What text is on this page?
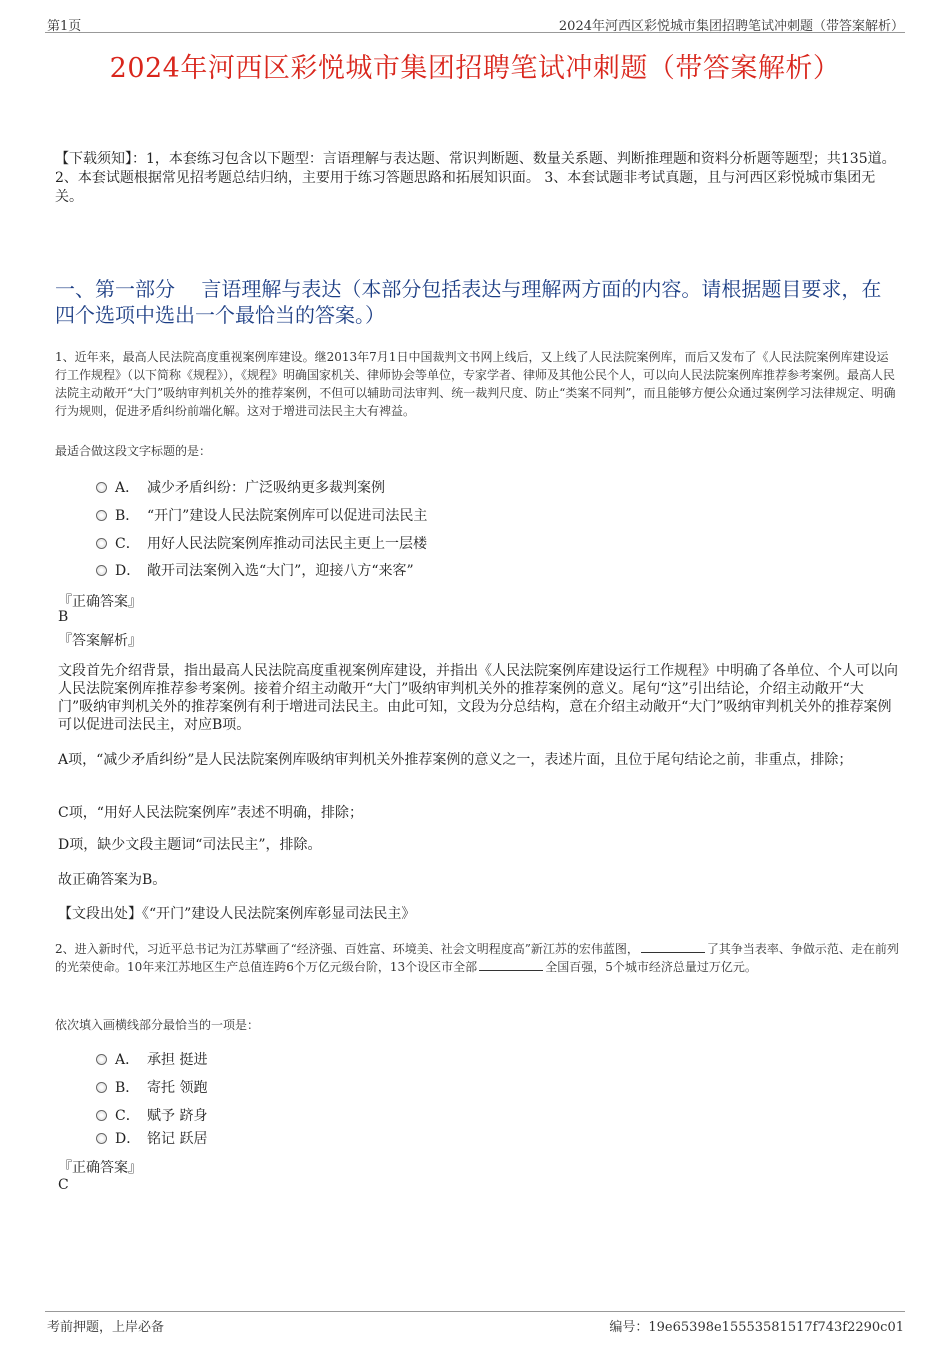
第1页	2024年河西区彩悦城市集团招聘笔试冲刺题（带答案解析）
2024年河西区彩悦城市集团招聘笔试冲刺题（带答案解析）
【下载须知】：1，本套练习包含以下题型：言语理解与表达题、常识判断题、数量关系题、判断推理题和资料分析题等题型；共135道。 2、本套试题根据常见招考题总结归纳，主要用于练习答题思路和拓展知识面。 3、本套试题非考试真题，且与河西区彩悦城市集团无关。
一、第一部分　 言语理解与表达（本部分包括表达与理解两方面的内容。请根据题目要求，在四个选项中选出一个最恰当的答案。）
1、近年来，最高人民法院高度重视案例库建设。继2013年7月1日中国裁判文书网上线后，又上线了人民法院案例库，而后又发布了《人民法院案例库建设运行工作规程》（以下简称《规程》），《规程》明确国家机关、律师协会等单位，专家学者、律师及其他公民个人，可以向人民法院案例库推荐参考案例。最高人民法院主动敞开“大门”吸纳审判机关外的推荐案例，不但可以辅助司法审判、统一裁判尺度、防止“类案不同判”，而且能够方便公众通过案例学习法律规定、明确行为规则，促进矛盾纠纷前端化解。这对于增进司法民主大有裨益。
最适合做这段文字标题的是：
A． 减少矛盾纠纷：广泛吸纳更多裁判案例
B． “开门”建设人民法院案例库可以促进司法民主
C． 用好人民法院案例库推动司法民主更上一层楼
D． 敞开司法案例入选“大门”，迎接八方“来客”
『正确答案』
B
『答案解析』
文段首先介绍背景，指出最高人民法院高度重视案例库建设，并指出《人民法院案例库建设运行工作规程》中明确了各单位、个人可以向人民法院案例库推荐参考案例。接着介绍主动敞开“大门”吸纳审判机关外的推荐案例的意义。尾句“这”引出结论，介绍主动敞开“大门”吸纳审判机关外的推荐案例有利于增进司法民主。由此可知，文段为分总结构，意在介绍主动敞开“大门”吸纳审判机关外的推荐案例可以促进司法民主，对应B项。
A项，“减少矛盾纠纷”是人民法院案例库吸纳审判机关外推荐案例的意义之一，表述片面，且位于尾句结论之前，非重点，排除；
C项，“用好人民法院案例库”表述不明确，排除；
D项，缺少文段主题词“司法民主”，排除。
故正确答案为B。
【文段出处】《“开门”建设人民法院案例库彰显司法民主》
2、进入新时代，习近平总书记为江苏擘画了“经济强、百姓富、环境美、社会文明程度高”新江苏的宏伟蓝图，	了其争当表率、争做示范、走在前列的光荣使命。10年来江苏地区生产总值连跨6个万亿元级台阶，13个设区市全部	全国百强，5个城市经济总量过万亿元。
依次填入画横线部分最恰当的一项是：
A． 承担 挺进
B． 寄托 领跑
C． 赋予 跻身
D． 铭记 跃居
『正确答案』
C
考前押题，上岸必备	编号：19e65398e15553581517f743f2290c01
